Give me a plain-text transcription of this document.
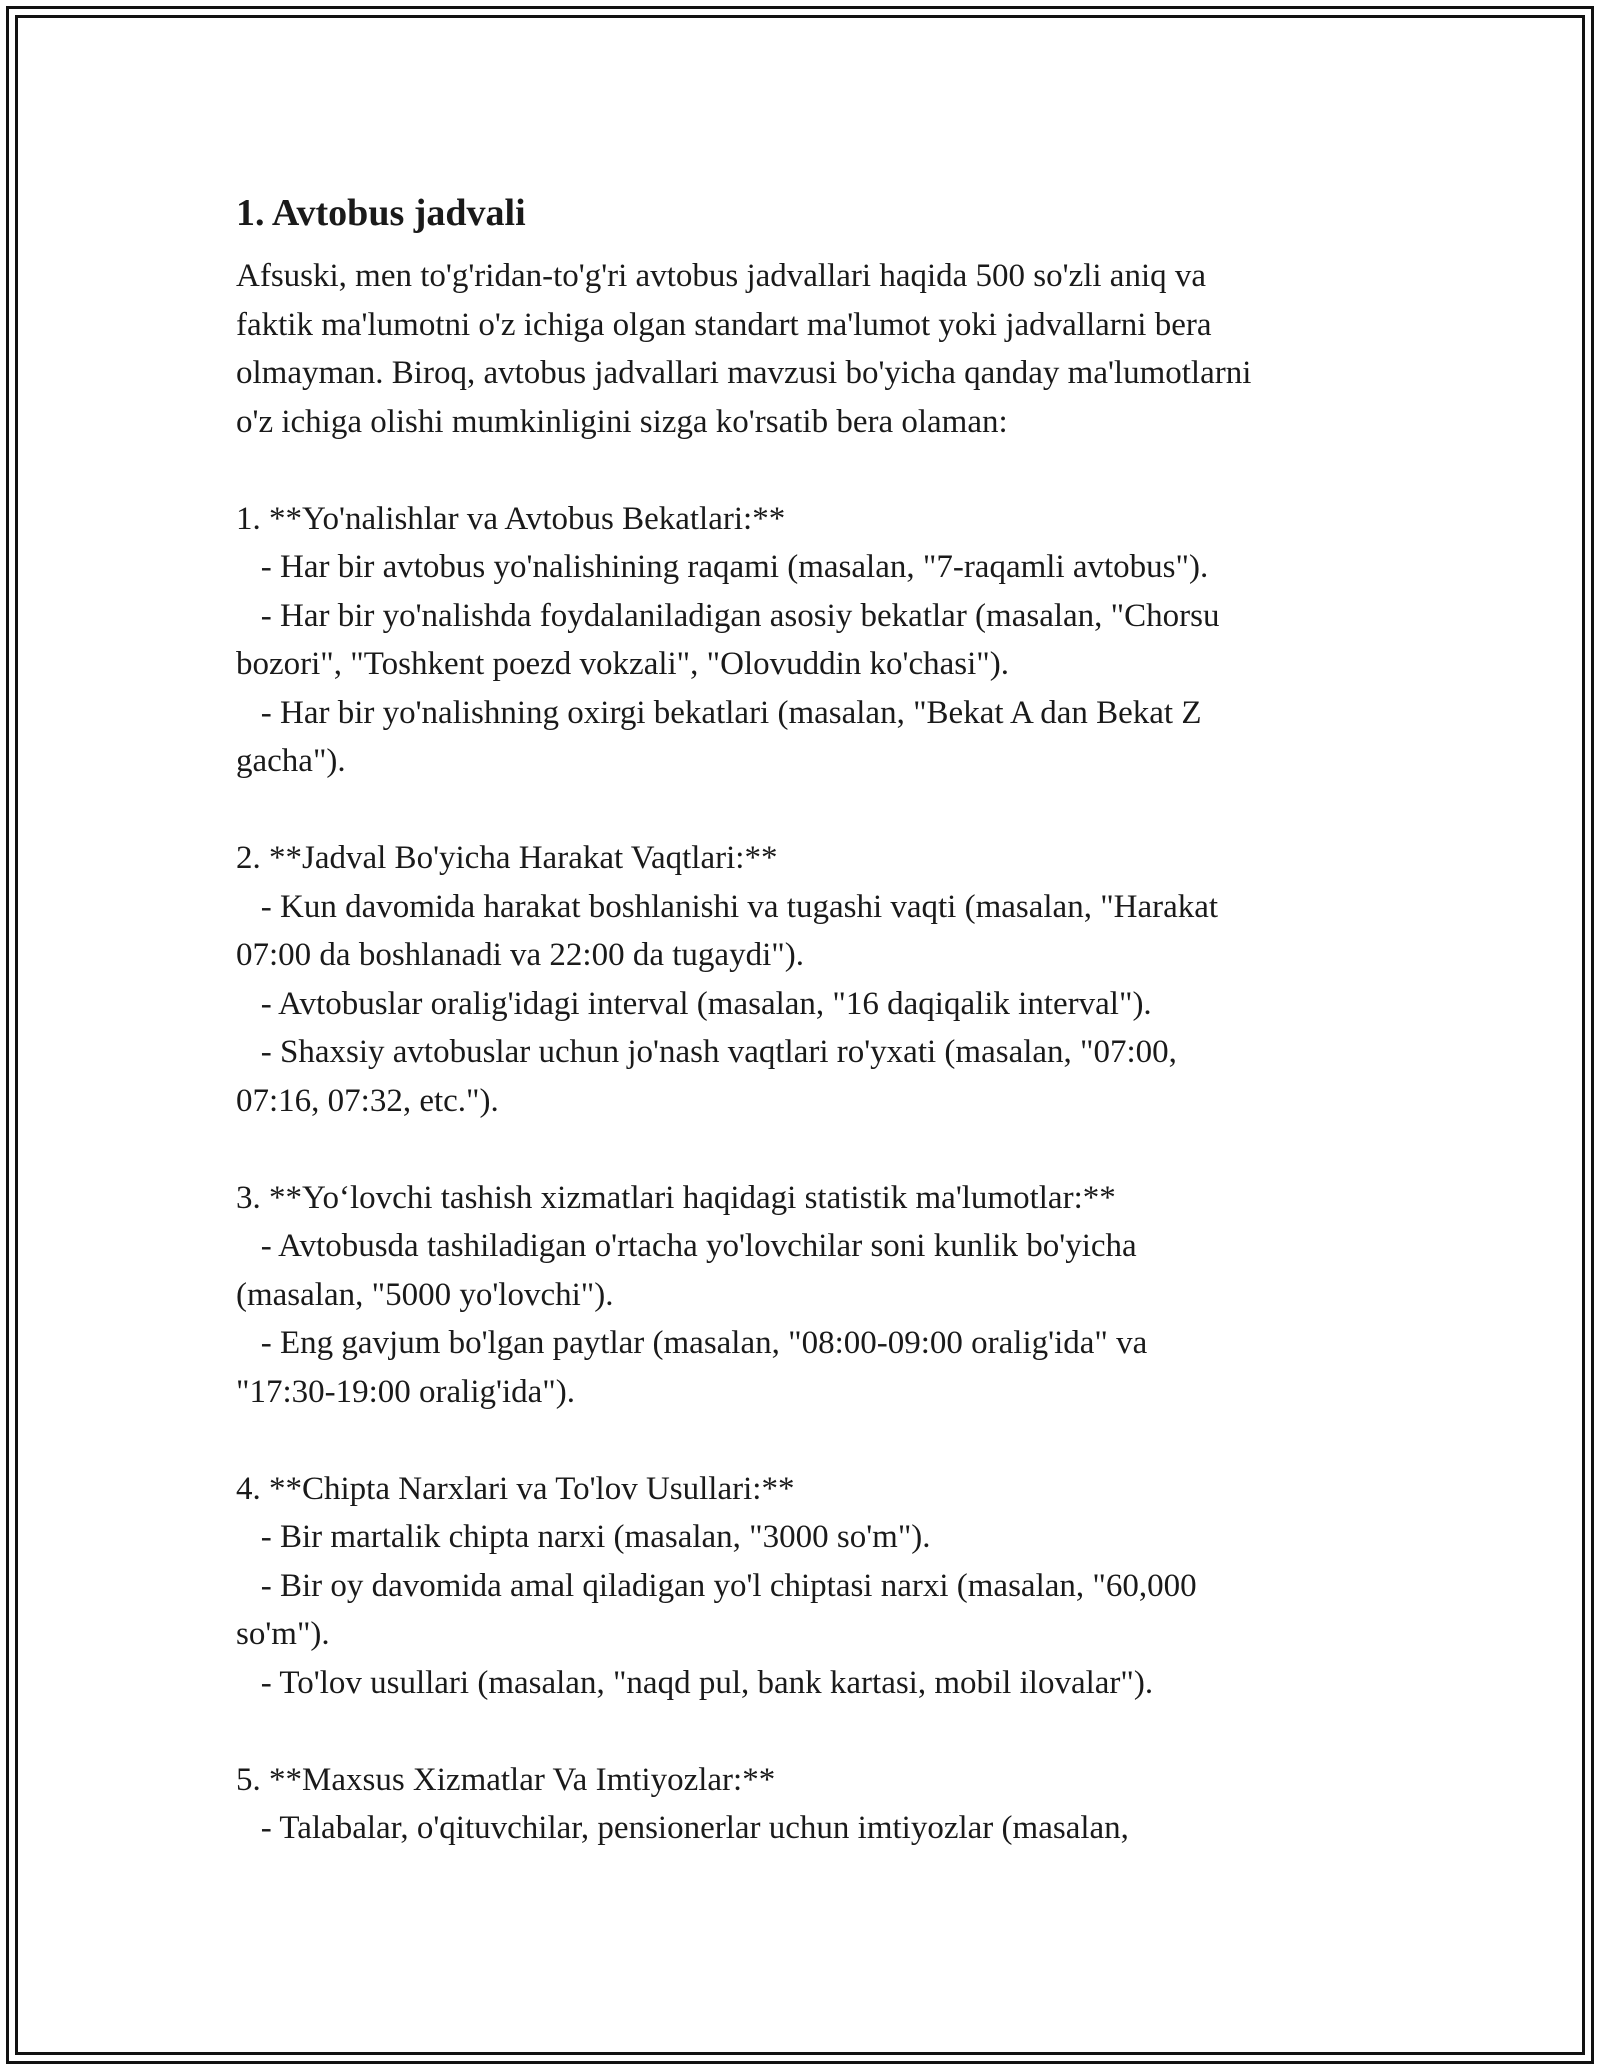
1. Avtobus jadvali
Afsuski, men to'g'ridan-to'g'ri avtobus jadvallari haqida 500 so'zli aniq va
faktik ma'lumotni o'z ichiga olgan standart ma'lumot yoki jadvallarni bera
olmayman. Biroq, avtobus jadvallari mavzusi bo'yicha qanday ma'lumotlarni
o'z ichiga olishi mumkinligini sizga ko'rsatib bera olaman:
1. **Yo'nalishlar va Avtobus Bekatlari:**
- Har bir avtobus yo'nalishining raqami (masalan, "7-raqamli avtobus").
- Har bir yo'nalishda foydalaniladigan asosiy bekatlar (masalan, "Chorsu
bozori", "Toshkent poezd vokzali", "Olovuddin ko'chasi").
- Har bir yo'nalishning oxirgi bekatlari (masalan, "Bekat A dan Bekat Z
gacha").
2. **Jadval Bo'yicha Harakat Vaqtlari:**
- Kun davomida harakat boshlanishi va tugashi vaqti (masalan, "Harakat
07:00 da boshlanadi va 22:00 da tugaydi").
- Avtobuslar oralig'idagi interval (masalan, "16 daqiqalik interval").
- Shaxsiy avtobuslar uchun jo'nash vaqtlari ro'yxati (masalan, "07:00,
07:16, 07:32, etc.").
3. **Yo‘lovchi tashish xizmatlari haqidagi statistik ma'lumotlar:**
- Avtobusda tashiladigan o'rtacha yo'lovchilar soni kunlik bo'yicha
(masalan, "5000 yo'lovchi").
- Eng gavjum bo'lgan paytlar (masalan, "08:00-09:00 oralig'ida" va
"17:30-19:00 oralig'ida").
4. **Chipta Narxlari va To'lov Usullari:**
- Bir martalik chipta narxi (masalan, "3000 so'm").
- Bir oy davomida amal qiladigan yo'l chiptasi narxi (masalan, "60,000
so'm").
- To'lov usullari (masalan, "naqd pul, bank kartasi, mobil ilovalar").
5. **Maxsus Xizmatlar Va Imtiyozlar:**
- Talabalar, o'qituvchilar, pensionerlar uchun imtiyozlar (masalan,
